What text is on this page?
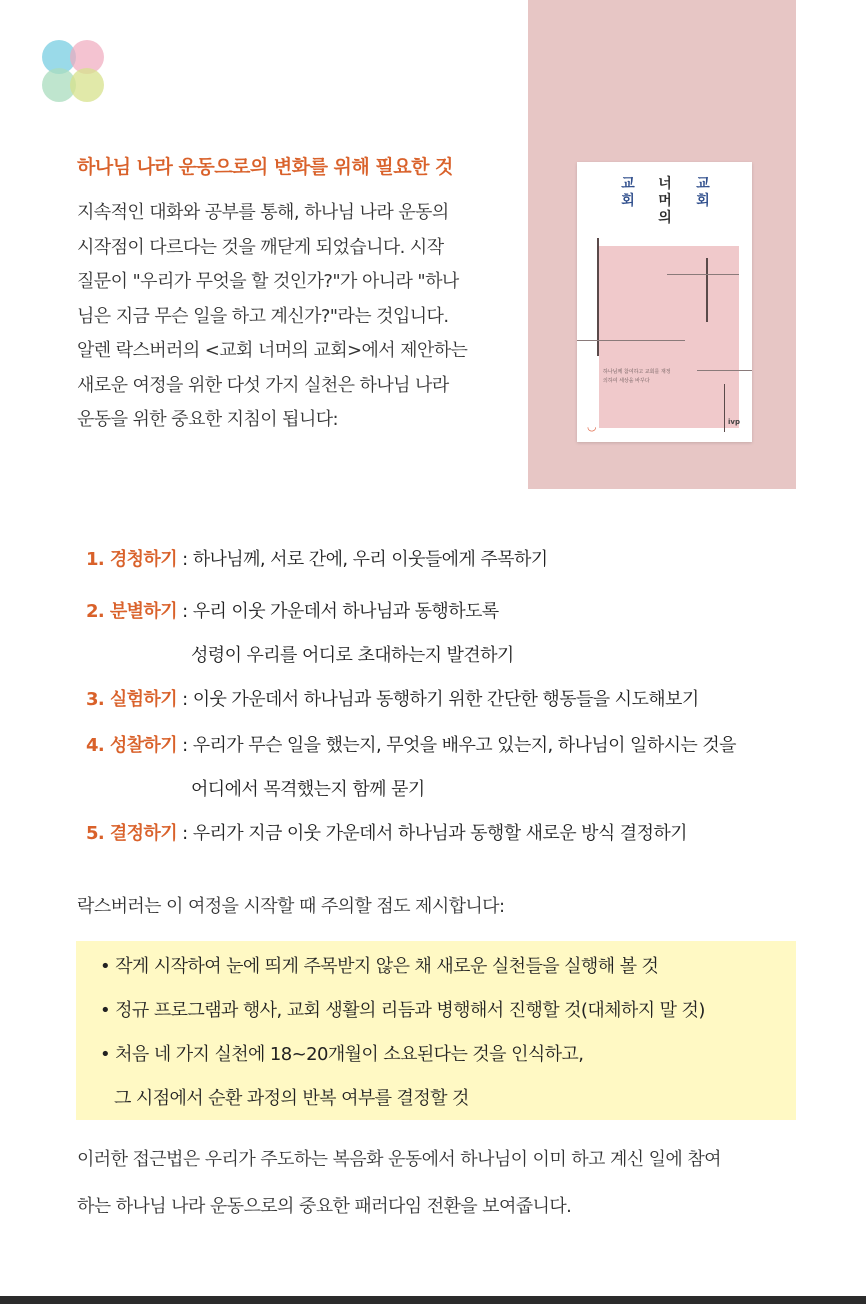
하나님 나라 운동으로의 변화를 위해 필요한 것

지속적인 대화와 공부를 통해, 하나님 나라 운동의
시작점이 다르다는 것을 깨닫게 되었습니다. 시작
질문이 "우리가 무엇을 할 것인가?"가 아니라 "하나
님은 지금 무슨 일을 하고 계신가?"라는 것입니다.
알렌 락스버러의 <교회 너머의 교회>에서 제안하는
새로운 여정을 위한 다섯 가지 실천은 하나님 나라
운동을 위한 중요한 지침이 됩니다:

교회
너머의
교회
하나님께 참여하고 교회를 재정의하여 세상을 바꾸다
◡	ivp
1. 경청하기 : 하나님께, 서로 간에, 우리 이웃들에게 주목하기
2. 분별하기 : 우리 이웃 가운데서 하나님과 동행하도록
성령이 우리를 어디로 초대하는지 발견하기
3. 실험하기 : 이웃 가운데서 하나님과 동행하기 위한 간단한 행동들을 시도해보기
4. 성찰하기 : 우리가 무슨 일을 했는지, 무엇을 배우고 있는지, 하나님이 일하시는 것을
어디에서 목격했는지 함께 묻기
5. 결정하기 : 우리가 지금 이웃 가운데서 하나님과 동행할 새로운 방식 결정하기
락스버러는 이 여정을 시작할 때 주의할 점도 제시합니다:
• 작게 시작하여 눈에 띄게 주목받지 않은 채 새로운 실천들을 실행해 볼 것
• 정규 프로그램과 행사, 교회 생활의 리듬과 병행해서 진행할 것(대체하지 말 것)
• 처음 네 가지 실천에 18~20개월이 소요된다는 것을 인식하고,
그 시점에서 순환 과정의 반복 여부를 결정할 것

이러한 접근법은 우리가 주도하는 복음화 운동에서 하나님이 이미 하고 계신 일에 참여
하는 하나님 나라 운동으로의 중요한 패러다임 전환을 보여줍니다.
